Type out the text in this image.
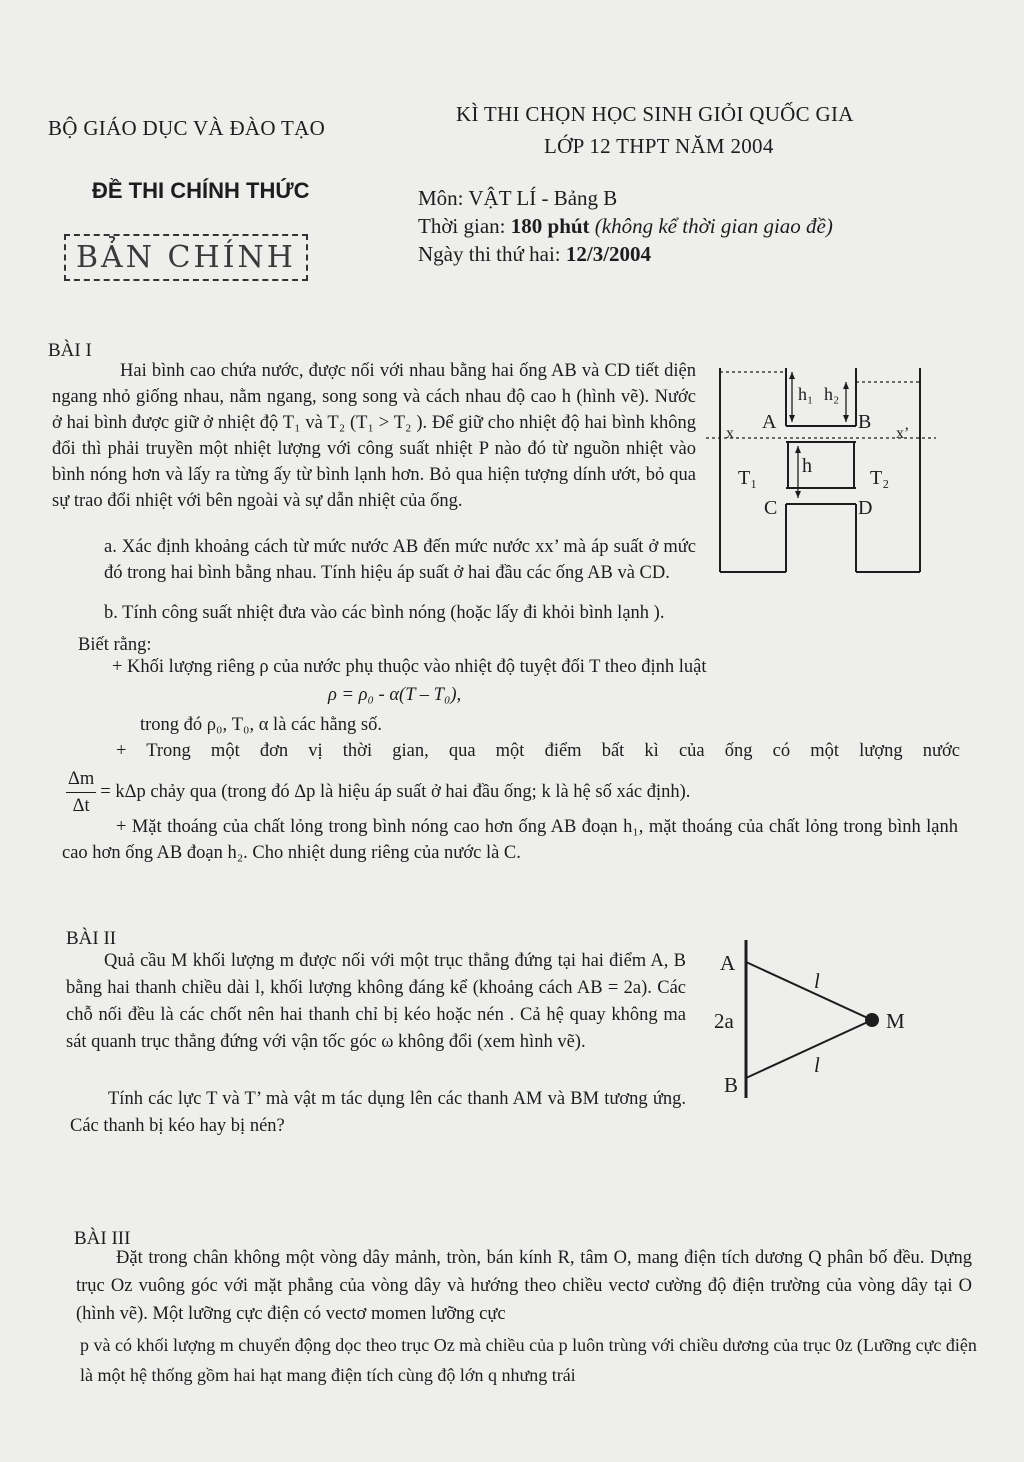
BỘ GIÁO DỤC VÀ ĐÀO TẠO
KÌ THI CHỌN HỌC SINH GIỎI QUỐC GIA
LỚP 12 THPT NĂM 2004
ĐỀ THI CHÍNH THỨC
BẢN CHÍNH
Môn: VẬT LÍ - Bảng B
Thời gian: 180 phút (không kể thời gian giao đề)
Ngày thi thứ hai: 12/3/2004
BÀI I
Hai bình cao chứa nước, được nối với nhau bằng hai ống AB và CD tiết diện ngang nhỏ giống nhau, nằm ngang, song song và cách nhau độ cao h (hình vẽ). Nước ở hai bình được giữ ở nhiệt độ T₁ và T₂ (T₁ > T₂ ). Để giữ cho nhiệt độ hai bình không đổi thì phải truyền một nhiệt lượng với công suất nhiệt P nào đó từ nguồn nhiệt vào bình nóng hơn và lấy ra từng ấy từ bình lạnh hơn. Bỏ qua hiện tượng dính ướt, bỏ qua sự trao đổi nhiệt với bên ngoài và sự dẫn nhiệt của ống.
a. Xác định khoảng cách từ mức nước AB đến mức nước xx’ mà áp suất ở mức đó trong hai bình bằng nhau. Tính hiệu áp suất ở hai đầu các ống AB và CD.
b. Tính công suất nhiệt đưa vào các bình nóng (hoặc lấy đi khỏi bình lạnh ).
Biết rằng:
+ Khối lượng riêng ρ của nước phụ thuộc vào nhiệt độ tuyệt đối T theo định luật
ρ = ρ₀ - α(T – T₀),
trong đó ρ₀, T₀, α là các hằng số.
+ Trong một đơn vị thời gian, qua một điểm bất kì của ống có một lượng nước
$\frac{\Delta m}{\Delta t} = k\Delta p$ chảy qua (trong đó Δp là hiệu áp suất ở hai đầu ống; k là hệ số xác định).
+ Mặt thoáng của chất lỏng trong bình nóng cao hơn ống AB đoạn h₁, mặt thoáng của chất lỏng trong bình lạnh cao hơn ống AB đoạn h₂. Cho nhiệt dung riêng của nước là C.
A	B
C	D
h
h₁ h₂
T₁	T₂
x	x’
BÀI II
Quả cầu M khối lượng m được nối với một trục thẳng đứng tại hai điểm A, B bằng hai thanh chiều dài l, khối lượng không đáng kể (khoảng cách AB = 2a). Các chỗ nối đều là các chốt nên hai thanh chỉ bị kéo hoặc nén . Cả hệ quay không ma sát quanh trục thẳng đứng với vận tốc góc ω không đổi (xem hình vẽ).
Tính các lực T và T’ mà vật m tác dụng lên các thanh AM và BM tương ứng. Các thanh bị kéo hay bị nén?
A
B
M
2a
l
l
BÀI III
Đặt trong chân không một vòng dây mảnh, tròn, bán kính R, tâm O, mang điện tích dương Q phân bố đều. Dựng trục Oz vuông góc với mặt phẳng của vòng dây và hướng theo chiều vectơ cường độ điện trường của vòng dây tại O (hình vẽ). Một lưỡng cực điện có vectơ momen lưỡng cực
p và có khối lượng m chuyển động dọc theo trục Oz mà chiều của p luôn trùng với chiều dương của trục 0z (Lưỡng cực điện là một hệ thống gồm hai hạt mang điện tích cùng độ lớn q nhưng trái
